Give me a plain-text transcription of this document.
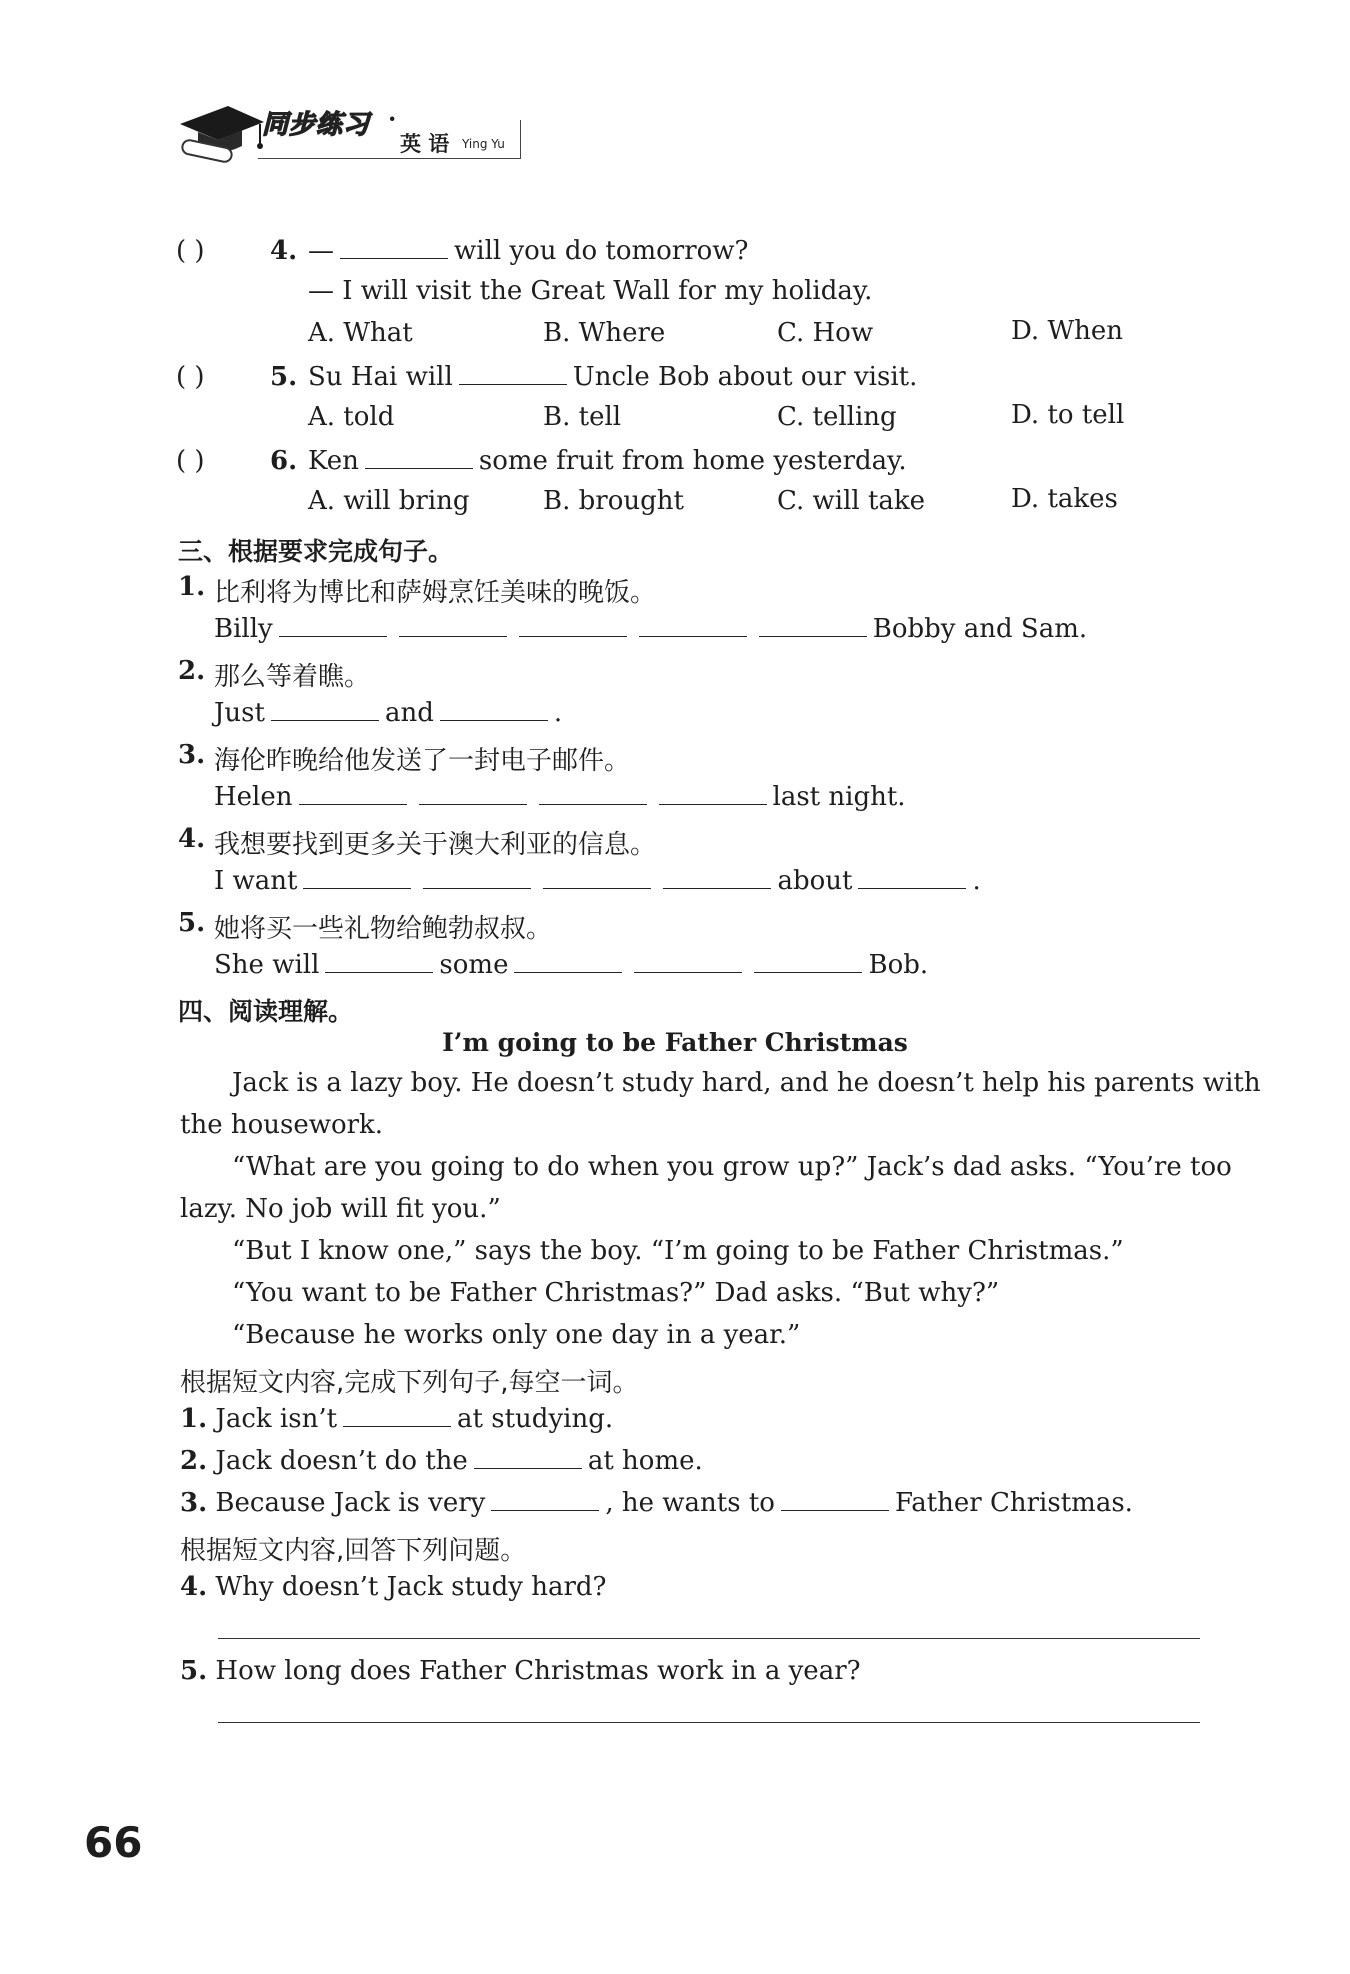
同步练习 ·
英 语 Ying Yu
( )	4. —	will you do tomorrow?
— I will visit the Great Wall for my holiday.
A. What	B. Where	C. How	D. When
( )	5. Su Hai will	Uncle Bob about our visit.
A. told	B. tell	C. telling	D. to tell
( )	6. Ken	some fruit from home yesterday.
A. will bring	B. brought	C. will take	D. takes
三、根据要求完成句子。
1. 比利将为博比和萨姆烹饪美味的晚饭。
Billy	Bobby and Sam.
2. 那么等着瞧。
Just	and	.
3. 海伦昨晚给他发送了一封电子邮件。
Helen	last night.
4. 我想要找到更多关于澳大利亚的信息。
I want	about	.
5. 她将买一些礼物给鲍勃叔叔。
She will	some	Bob.
四、阅读理解。
I’m going to be Father Christmas
Jack is a lazy boy. He doesn’t study hard, and he doesn’t help his parents with
the housework.
“What are you going to do when you grow up?” Jack’s dad asks. “You’re too
lazy. No job will fit you.”
“But I know one,” says the boy. “I’m going to be Father Christmas.”
“You want to be Father Christmas?” Dad asks. “But why?”
“Because he works only one day in a year.”
根据短文内容,完成下列句子,每空一词。
1. Jack isn’t	at studying.
2. Jack doesn’t do the	at home.
3. Because Jack is very	, he wants to	Father Christmas.
根据短文内容,回答下列问题。
4. Why doesn’t Jack study hard?
5. How long does Father Christmas work in a year?
66
